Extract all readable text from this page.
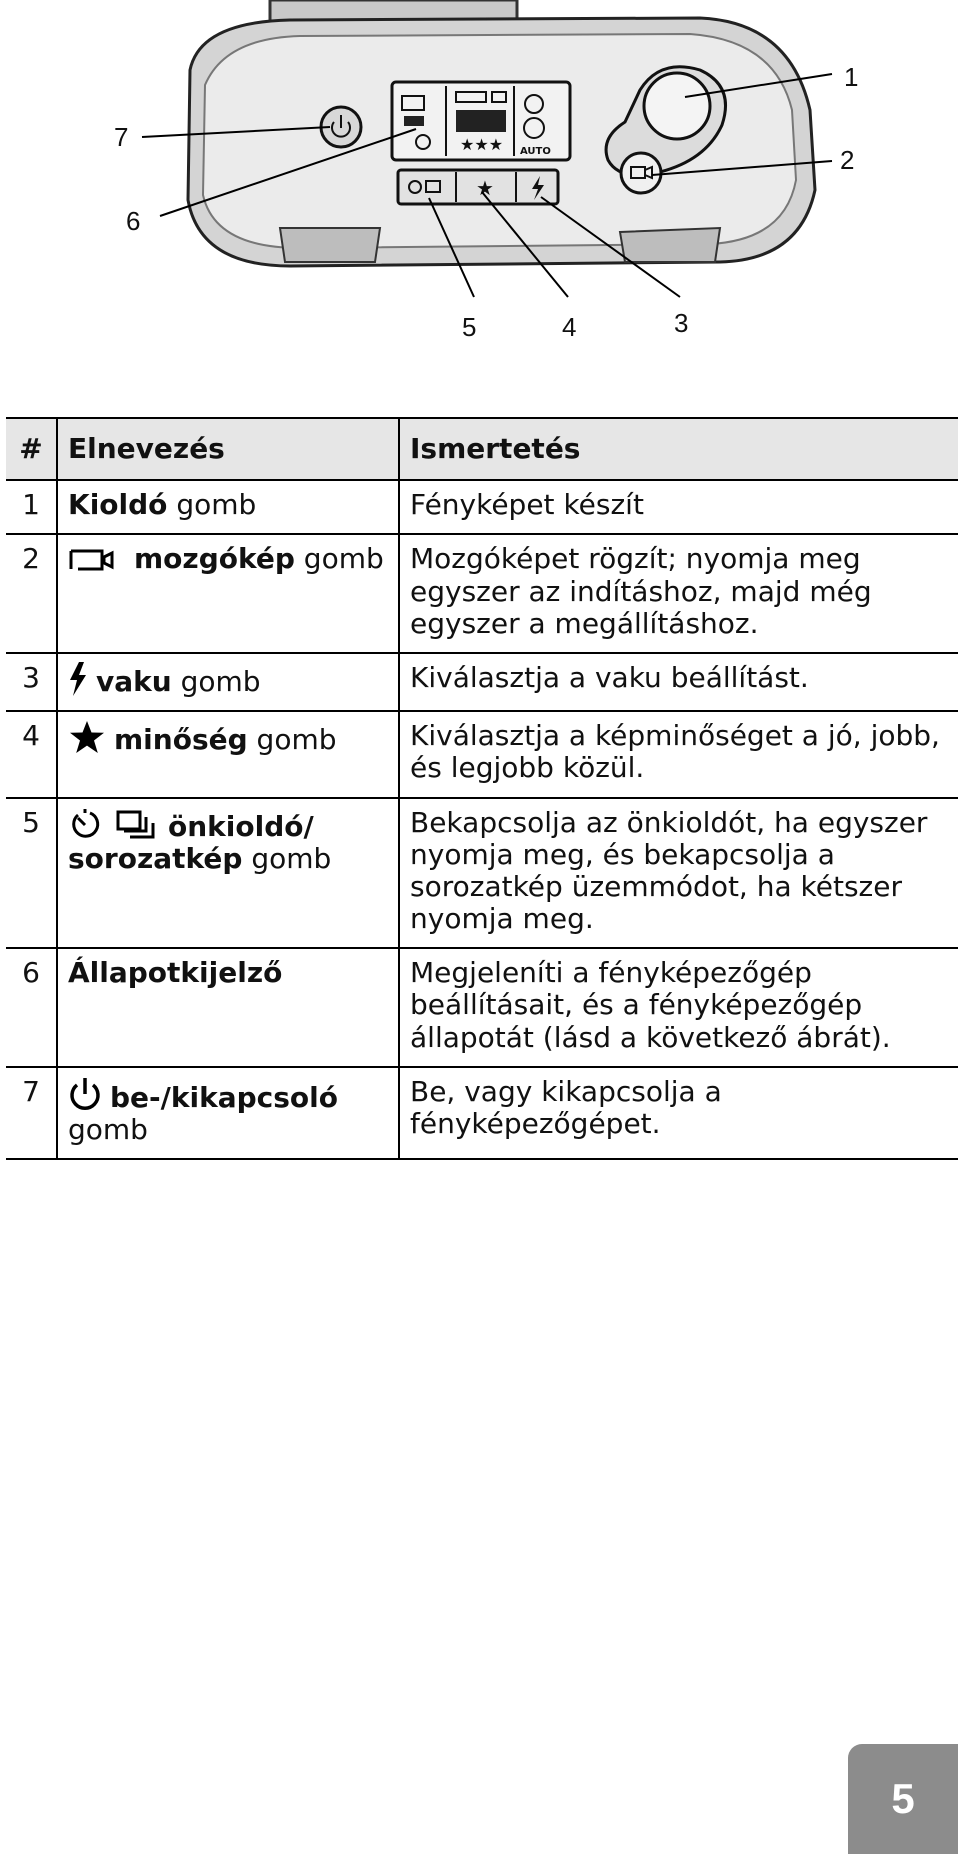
★★★ AUTO
★
1
2
3
4
5
6
7
#	Elnevezés	Ismertetés
1	Kioldó gomb	Fényképet készít
2	mozgókép gomb	Mozgóképet rögzít; nyomja meg egyszer az indításhoz, majd még egyszer a megállításhoz.
3	vaku gomb	Kiválasztja a vaku beállítást.
4	minőség gomb	Kiválasztja a képminőséget a jó, jobb, és legjobb közül.
5	önkioldó/ sorozatkép gomb	Bekapcsolja az önkioldót, ha egyszer nyomja meg, és bekapcsolja a sorozatkép üzemmódot, ha kétszer nyomja meg.
6	Állapotkijelző	Megjeleníti a fényképezőgép beállításait, és a fényképezőgép állapotát (lásd a következő ábrát).
7	be-/kikapcsoló gomb	Be, vagy kikapcsolja a fényképezőgépet.
5
